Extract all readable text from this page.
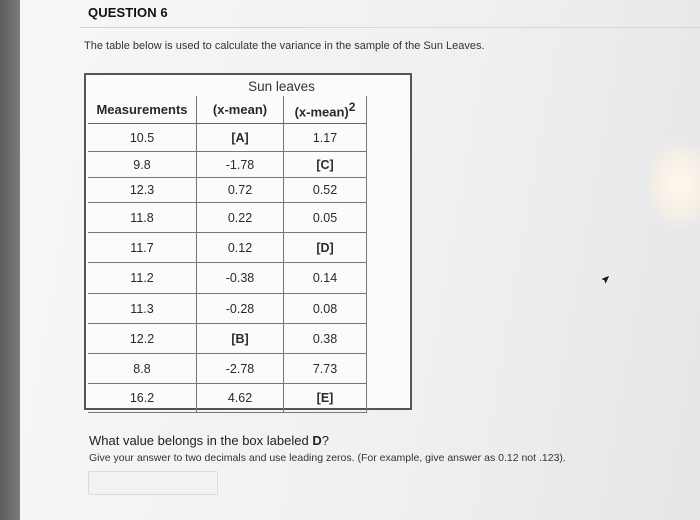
QUESTION 6
The table below is used to calculate the variance in the sample of the Sun Leaves.
	Sun leaves	
Measurements	(x-mean)	(x-mean)$^2$
10.5	[A]	1.17
9.8	-1.78	[C]
12.3	0.72	0.52
11.8	0.22	0.05
11.7	0.12	[D]
11.2	-0.38	0.14
11.3	-0.28	0.08
12.2	[B]	0.38
8.8	-2.78	7.73
16.2	4.62	[E]
What value belongs in the box labeled D?
Give your answer to two decimals and use leading zeros. (For example, give answer as 0.12 not .123).
